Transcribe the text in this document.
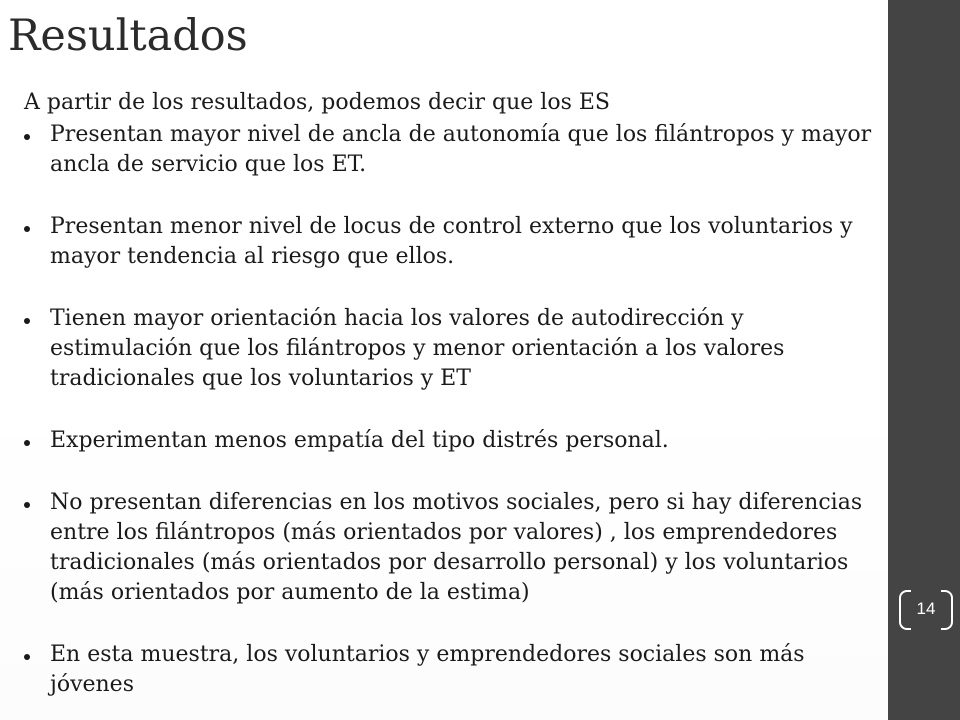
Resultados

A partir de los resultados, podemos decir que los ES

Presentan mayor nivel de ancla de autonomía que los filántropos y mayor ancla de servicio que los ET.
Presentan menor nivel de locus de control externo que los voluntarios y mayor tendencia al riesgo que ellos.
Tienen mayor orientación hacia los valores de autodirección y estimulación que los filántropos y menor orientación a los valores tradicionales que los voluntarios y ET
Experimentan menos empatía del tipo distrés personal.
No presentan diferencias en los motivos sociales, pero si hay diferencias entre los filántropos (más orientados por valores) , los emprendedores tradicionales (más orientados por desarrollo personal) y los voluntarios (más orientados por aumento de la estima)
En esta muestra, los voluntarios y emprendedores sociales son más jóvenes
14
